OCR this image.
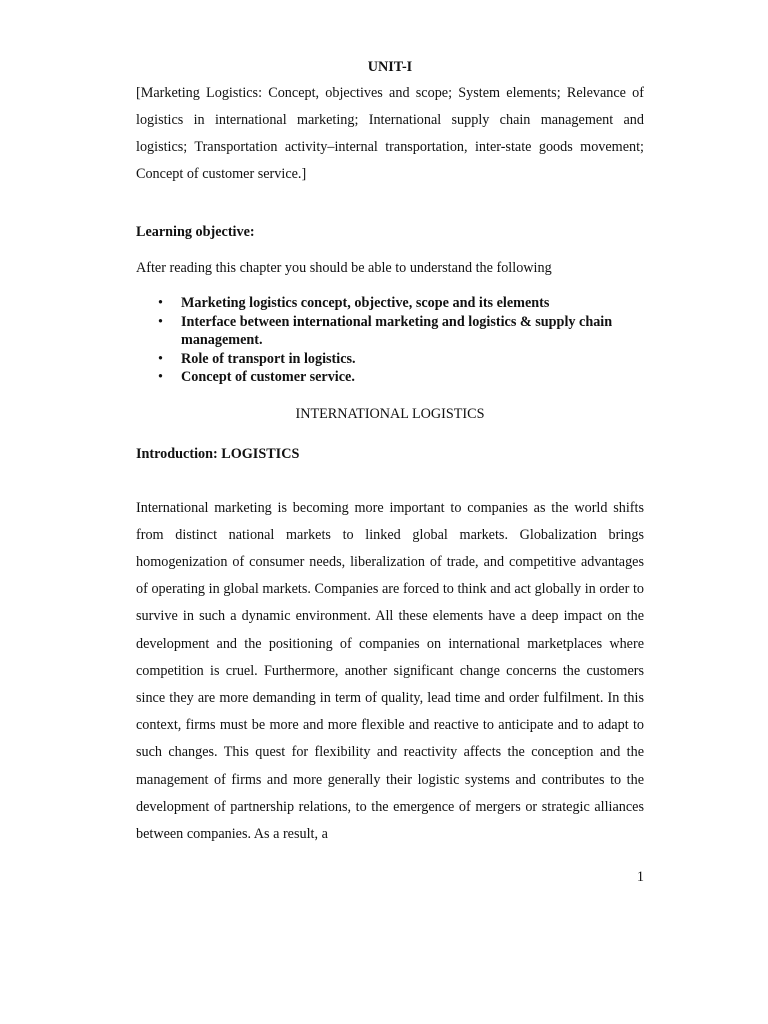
UNIT-I

[Marketing Logistics: Concept, objectives and scope; System elements; Relevance of logistics in international marketing; International supply chain management and logistics; Transportation activity–internal transportation, inter-state goods movement; Concept of customer service.]

Learning objective:

After reading this chapter you should be able to understand the following

• Marketing logistics concept, objective, scope and its elements
• Interface between international marketing and logistics & supply chain management.
• Role of transport in logistics.
• Concept of customer service.

INTERNATIONAL LOGISTICS

Introduction: LOGISTICS

International marketing is becoming more important to companies as the world shifts from distinct national markets to linked global markets. Globalization brings homogenization of consumer needs, liberalization of trade, and competitive advantages of operating in global markets. Companies are forced to think and act globally in order to survive in such a dynamic environment. All these elements have a deep impact on the development and the positioning of companies on international marketplaces where competition is cruel. Furthermore, another significant change concerns the customers since they are more demanding in term of quality, lead time and order fulfilment. In this context, firms must be more and more flexible and reactive to anticipate and to adapt to such changes. This quest for flexibility and reactivity affects the conception and the management of firms and more generally their logistic systems and contributes to the development of partnership relations, to the emergence of mergers or strategic alliances between companies. As a result, a

1
